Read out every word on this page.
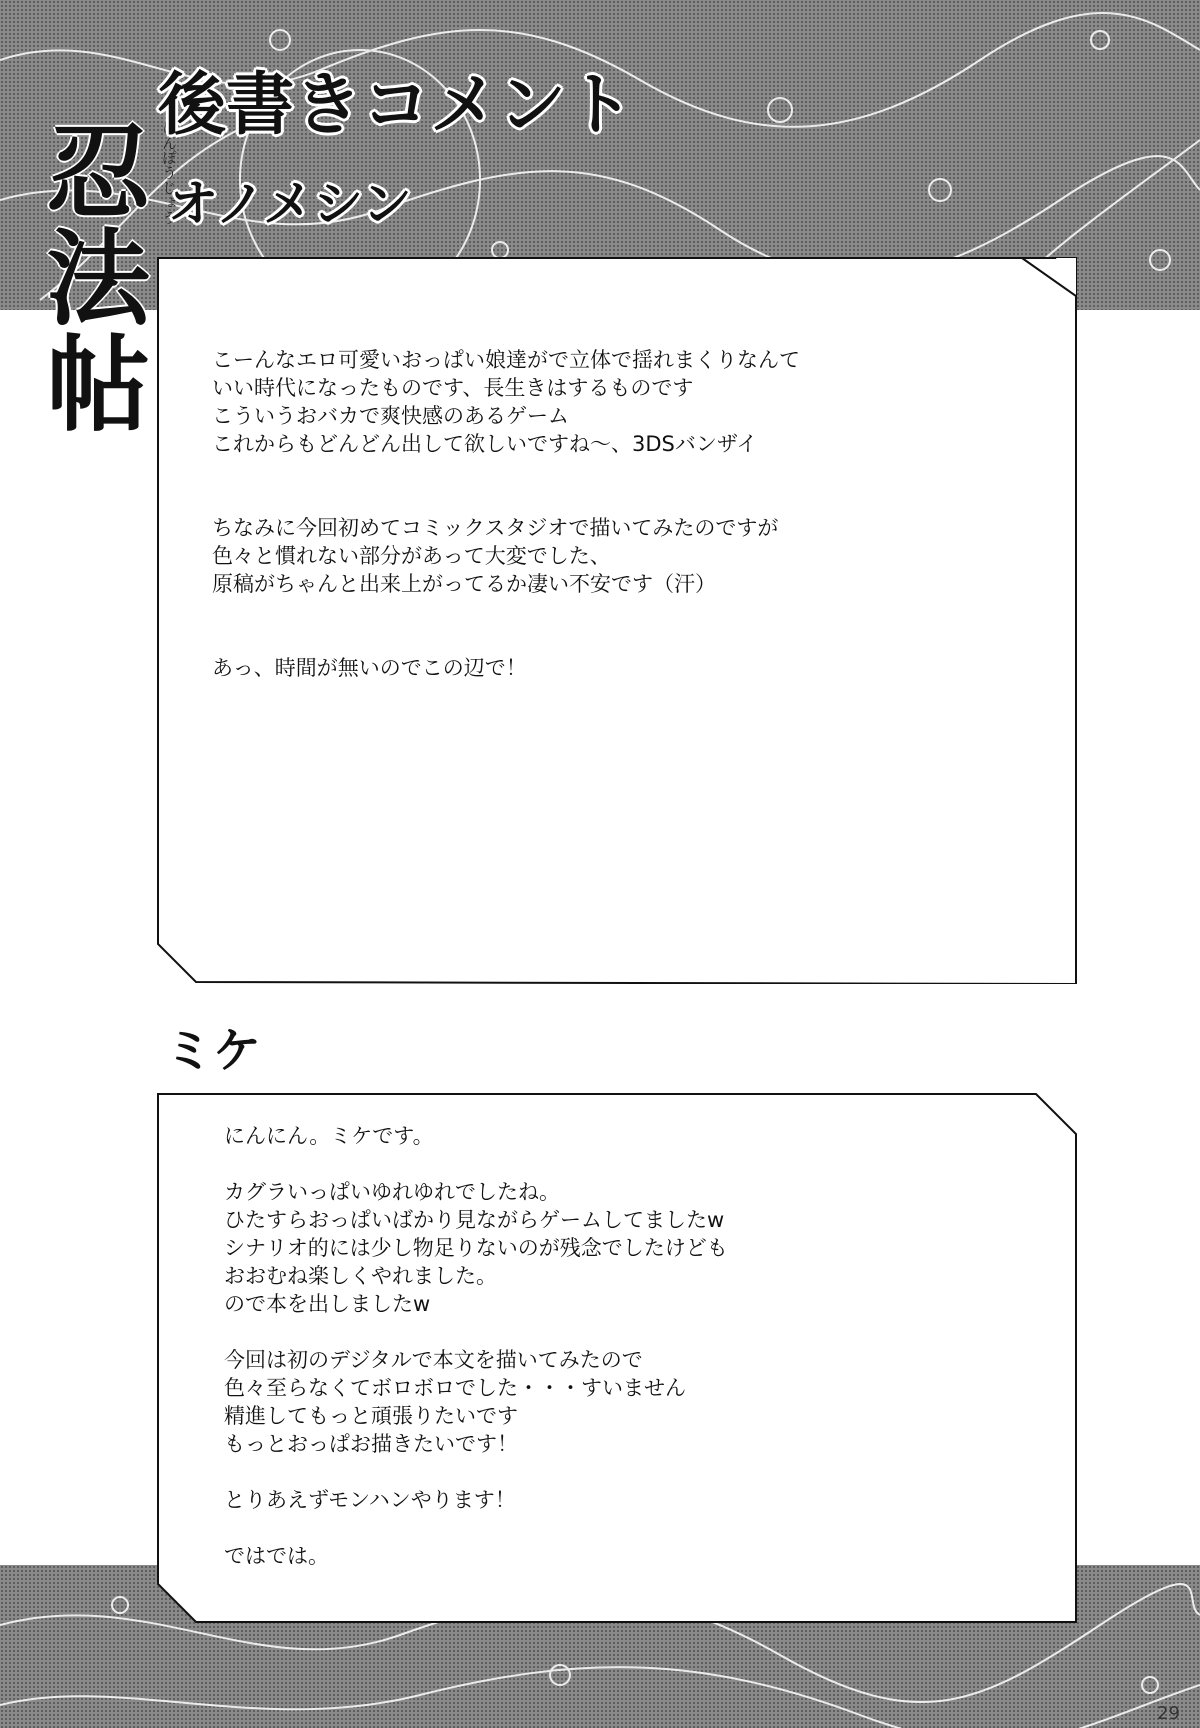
忍
法
帖
にんぽうじょう
後書きコメント
オノメシン
こーんなエロ可愛いおっぱい娘達がで立体で揺れまくりなんて
いい時代になったものです、長生きはするものです
こういうおバカで爽快感のあるゲーム
これからもどんどん出して欲しいですね～、3DSバンザイ
ちなみに今回初めてコミックスタジオで描いてみたのですが
色々と慣れない部分があって大変でした、
原稿がちゃんと出来上がってるか凄い不安です（汗）
あっ、時間が無いのでこの辺で！
ミケ
にんにん。ミケです。
カグラいっぱいゆれゆれでしたね。
ひたすらおっぱいばかり見ながらゲームしてましたw
シナリオ的には少し物足りないのが残念でしたけども
おおむね楽しくやれました。
ので本を出しましたw
今回は初のデジタルで本文を描いてみたので
色々至らなくてボロボロでした・・・すいません
精進してもっと頑張りたいです
もっとおっぱお描きたいです！
とりあえずモンハンやります！
ではでは。
29
